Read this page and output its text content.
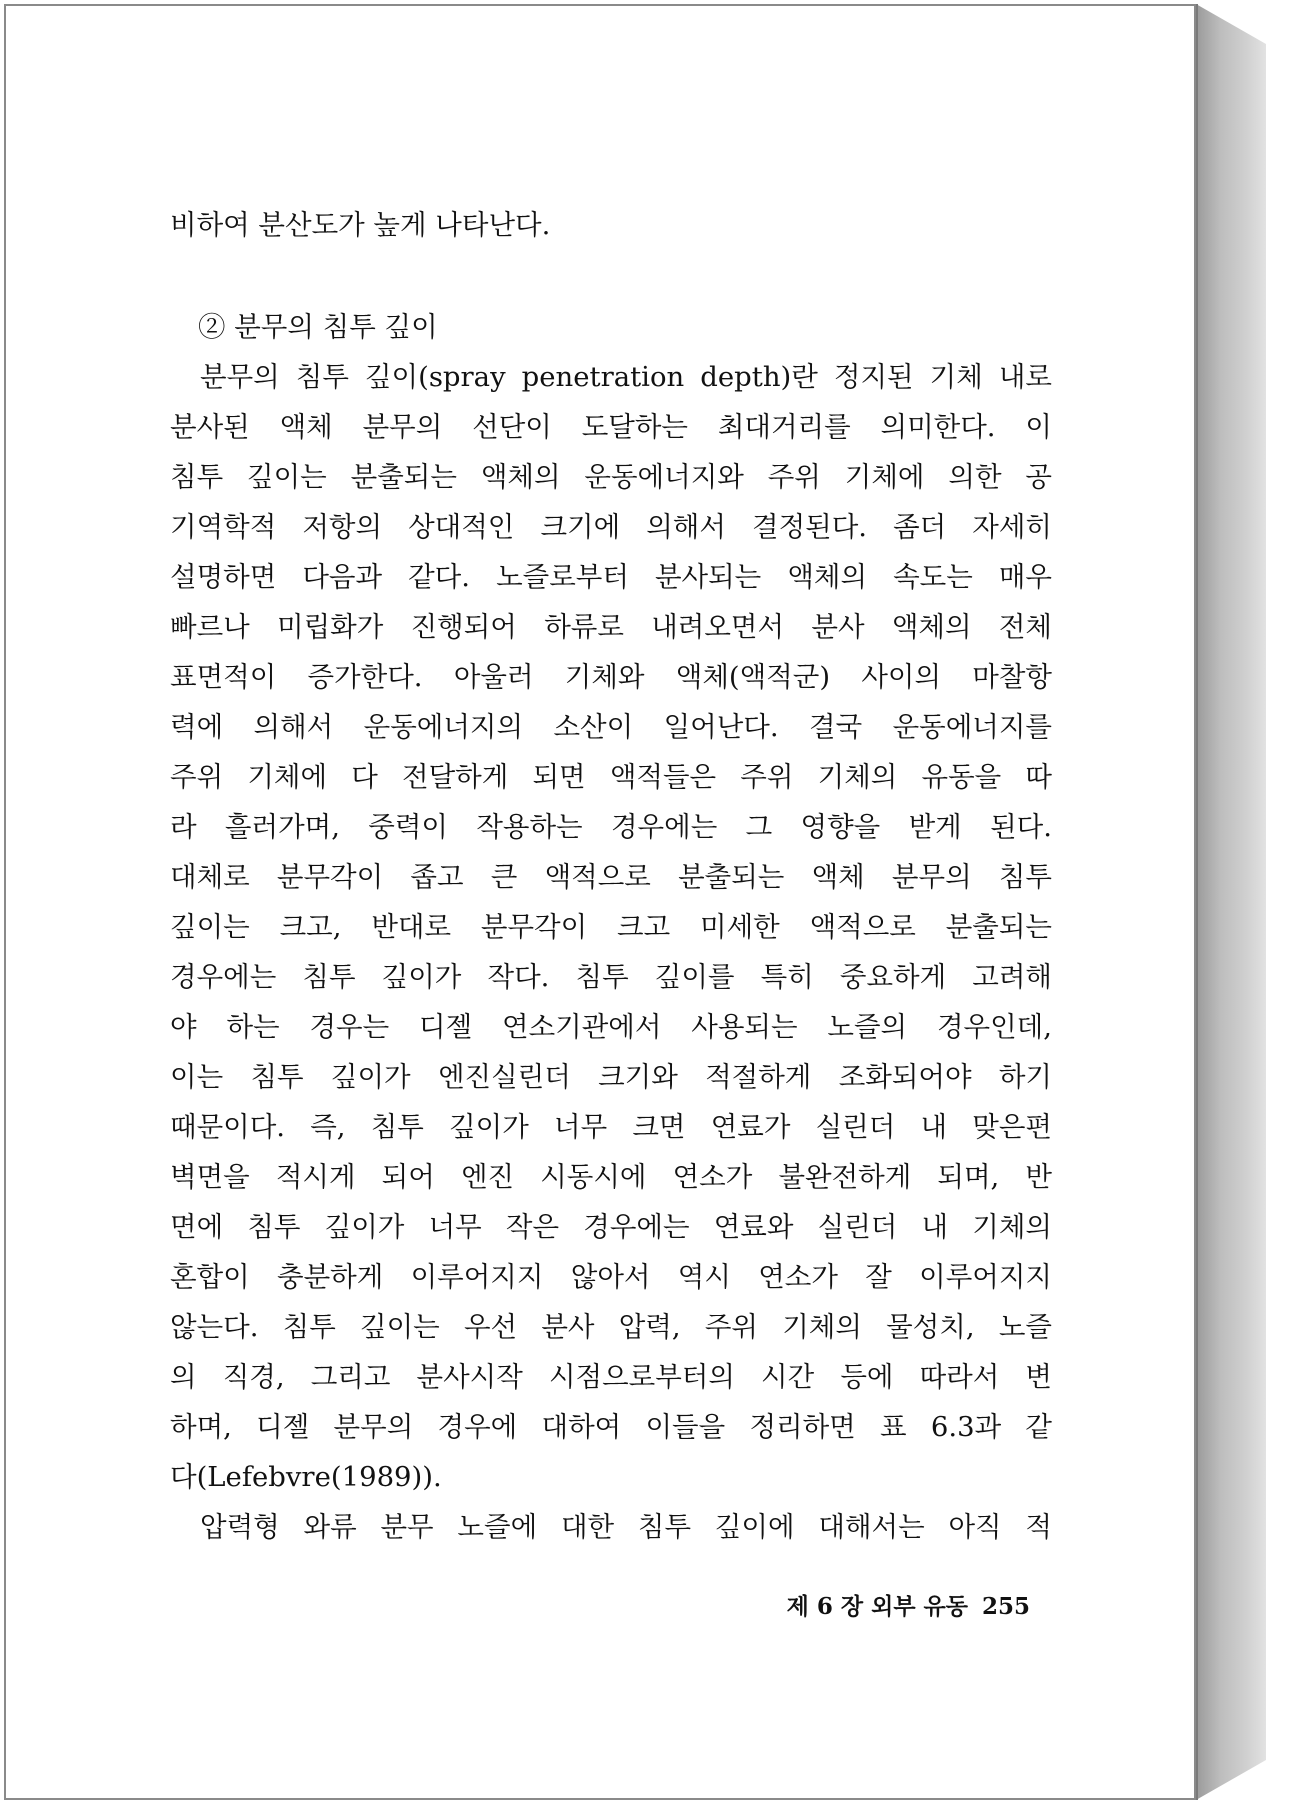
비하여 분산도가 높게 나타난다.
② 분무의 침투 깊이
분무의 침투 깊이(spray penetration depth)란 정지된 기체 내로
분사된 액체 분무의 선단이 도달하는 최대거리를 의미한다. 이
침투 깊이는 분출되는 액체의 운동에너지와 주위 기체에 의한 공
기역학적 저항의 상대적인 크기에 의해서 결정된다. 좀더 자세히
설명하면 다음과 같다. 노즐로부터 분사되는 액체의 속도는 매우
빠르나 미립화가 진행되어 하류로 내려오면서 분사 액체의 전체
표면적이 증가한다. 아울러 기체와 액체(액적군) 사이의 마찰항
력에 의해서 운동에너지의 소산이 일어난다. 결국 운동에너지를
주위 기체에 다 전달하게 되면 액적들은 주위 기체의 유동을 따
라 흘러가며, 중력이 작용하는 경우에는 그 영향을 받게 된다.
대체로 분무각이 좁고 큰 액적으로 분출되는 액체 분무의 침투
깊이는 크고, 반대로 분무각이 크고 미세한 액적으로 분출되는
경우에는 침투 깊이가 작다. 침투 깊이를 특히 중요하게 고려해
야 하는 경우는 디젤 연소기관에서 사용되는 노즐의 경우인데,
이는 침투 깊이가 엔진실린더 크기와 적절하게 조화되어야 하기
때문이다. 즉, 침투 깊이가 너무 크면 연료가 실린더 내 맞은편
벽면을 적시게 되어 엔진 시동시에 연소가 불완전하게 되며, 반
면에 침투 깊이가 너무 작은 경우에는 연료와 실린더 내 기체의
혼합이 충분하게 이루어지지 않아서 역시 연소가 잘 이루어지지
않는다. 침투 깊이는 우선 분사 압력, 주위 기체의 물성치, 노즐
의 직경, 그리고 분사시작 시점으로부터의 시간 등에 따라서 변
하며, 디젤 분무의 경우에 대하여 이들을 정리하면 표 6.3과 같
다(Lefebvre(1989)).
압력형 와류 분무 노즐에 대한 침투 깊이에 대해서는 아직 적
제 6 장 외부 유동 255
